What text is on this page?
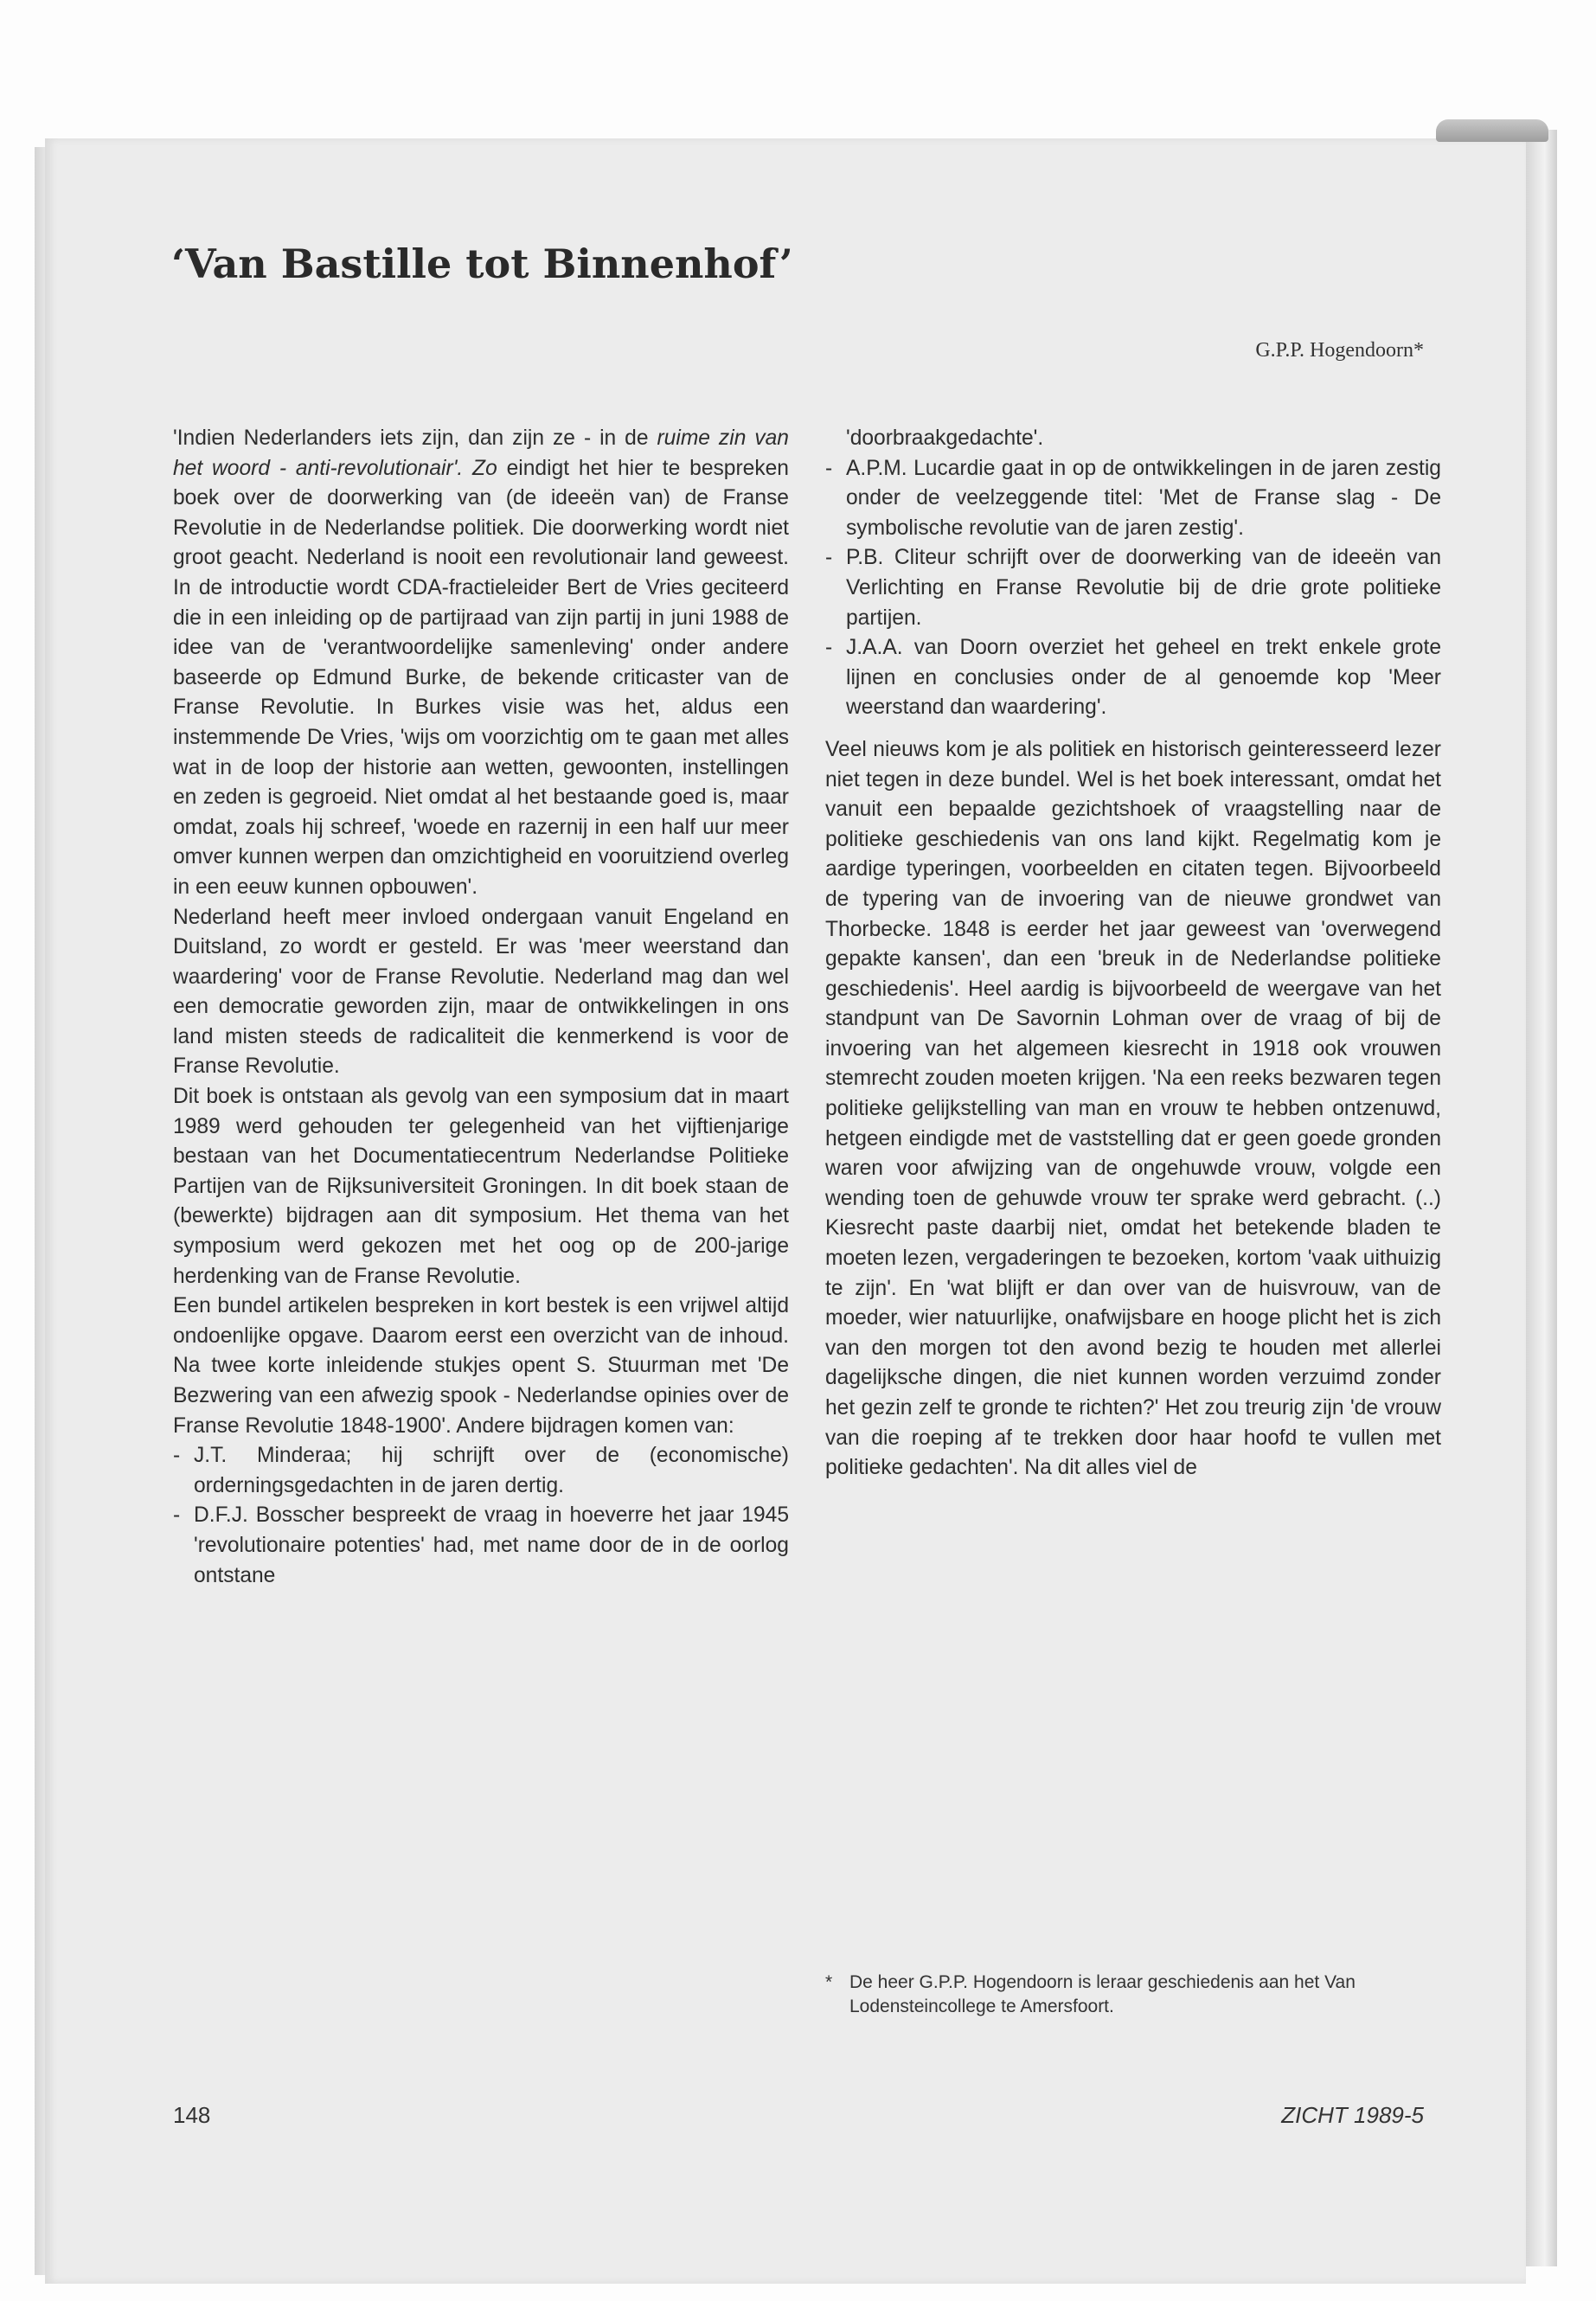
‘Van Bastille tot Binnenhof’
G.P.P. Hogendoorn*

'Indien Nederlanders iets zijn, dan zijn ze - in de ruime zin van het woord - anti-revolutionair'. Zo eindigt het hier te bespreken boek over de doorwerking van (de ideeën van) de Franse Revolutie in de Nederlandse politiek. Die doorwerking wordt niet groot geacht. Nederland is nooit een revolutionair land geweest. In de introductie wordt CDA-fractieleider Bert de Vries geciteerd die in een inleiding op de partijraad van zijn partij in juni 1988 de idee van de 'verantwoordelijke samenleving' onder andere baseerde op Edmund Burke, de bekende criticaster van de Franse Revolutie. In Burkes visie was het, aldus een instemmende De Vries, 'wijs om voorzichtig om te gaan met alles wat in de loop der historie aan wetten, gewoonten, instellingen en zeden is gegroeid. Niet omdat al het bestaande goed is, maar omdat, zoals hij schreef, 'woede en razernij in een half uur meer omver kunnen werpen dan omzichtigheid en vooruitziend overleg in een eeuw kunnen opbouwen'.

Nederland heeft meer invloed ondergaan vanuit Engeland en Duitsland, zo wordt er gesteld. Er was 'meer weerstand dan waardering' voor de Franse Revolutie. Nederland mag dan wel een democratie geworden zijn, maar de ontwikkelingen in ons land misten steeds de radicaliteit die kenmerkend is voor de Franse Revolutie.

Dit boek is ontstaan als gevolg van een symposium dat in maart 1989 werd gehouden ter gelegenheid van het vijftienjarige bestaan van het Documentatiecentrum Nederlandse Politieke Partijen van de Rijksuniversiteit Groningen. In dit boek staan de (bewerkte) bijdragen aan dit symposium. Het thema van het symposium werd gekozen met het oog op de 200-jarige herdenking van de Franse Revolutie.

Een bundel artikelen bespreken in kort bestek is een vrijwel altijd ondoenlijke opgave. Daarom eerst een overzicht van de inhoud. Na twee korte inleidende stukjes opent S. Stuurman met 'De Bezwering van een afwezig spook - Nederlandse opinies over de Franse Revolutie 1848-1900'. Andere bijdragen komen van:

- J.T. Minderaa; hij schrijft over de (economische) orderningsgedachten in de jaren dertig.
- D.F.J. Bosscher bespreekt de vraag in hoeverre het jaar 1945 'revolutionaire potenties' had, met name door de in de oorlog ontstane

'doorbraakgedachte'.

- A.P.M. Lucardie gaat in op de ontwikkelingen in de jaren zestig onder de veelzeggende titel: 'Met de Franse slag - De symbolische revolutie van de jaren zestig'.
- P.B. Cliteur schrijft over de doorwerking van de ideeën van Verlichting en Franse Revolutie bij de drie grote politieke partijen.
- J.A.A. van Doorn overziet het geheel en trekt enkele grote lijnen en conclusies onder de al genoemde kop 'Meer weerstand dan waardering'.

Veel nieuws kom je als politiek en historisch geinteresseerd lezer niet tegen in deze bundel. Wel is het boek interessant, omdat het vanuit een bepaalde gezichtshoek of vraagstelling naar de politieke geschiedenis van ons land kijkt. Regelmatig kom je aardige typeringen, voorbeelden en citaten tegen. Bijvoorbeeld de typering van de invoering van de nieuwe grondwet van Thorbecke. 1848 is eerder het jaar geweest van 'overwegend gepakte kansen', dan een 'breuk in de Nederlandse politieke geschiedenis'. Heel aardig is bijvoorbeeld de weergave van het standpunt van De Savornin Lohman over de vraag of bij de invoering van het algemeen kiesrecht in 1918 ook vrouwen stemrecht zouden moeten krijgen. 'Na een reeks bezwaren tegen politieke gelijkstelling van man en vrouw te hebben ontzenuwd, hetgeen eindigde met de vaststelling dat er geen goede gronden waren voor afwijzing van de ongehuwde vrouw, volgde een wending toen de gehuwde vrouw ter sprake werd gebracht. (..) Kiesrecht paste daarbij niet, omdat het betekende bladen te moeten lezen, vergaderingen te bezoeken, kortom 'vaak uithuizig te zijn'. En 'wat blijft er dan over van de huisvrouw, van de moeder, wier natuurlijke, onafwijsbare en hooge plicht het is zich van den morgen tot den avond bezig te houden met allerlei dagelijksche dingen, die niet kunnen worden verzuimd zonder het gezin zelf te gronde te richten?' Het zou treurig zijn 'de vrouw van die roeping af te trekken door haar hoofd te vullen met politieke gedachten'. Na dit alles viel de

* De heer G.P.P. Hogendoorn is leraar geschiedenis aan het Van Lodensteincollege te Amersfoort.
148	ZICHT 1989-5
